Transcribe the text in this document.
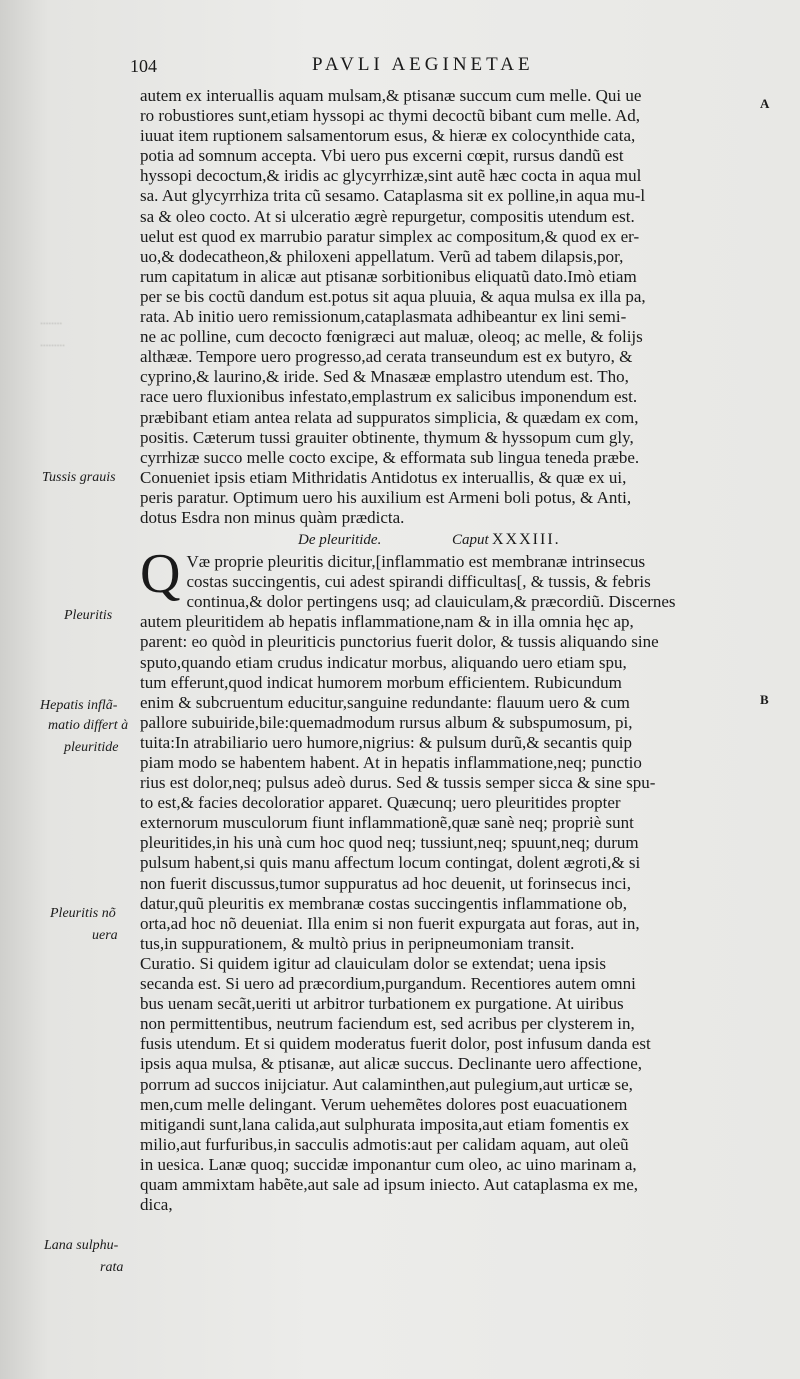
104	PAVLI AEGINETAE
A
B
········
·········
Tussis grauis
Pleuritis
Hepatis inflã-
matio differt à
pleuritide
Pleuritis nõ
uera
Lana sulphu-
rata
autem ex interuallis aquam mulsam,& ptisanæ succum cum melle. Qui ue
ro robustiores sunt,etiam hyssopi ac thymi decoctũ bibant cum melle. Ad,
iuuat item ruptionem salsamentorum esus, & hieræ ex colocynthide cata,
potia ad somnum accepta. Vbi uero pus excerni cœpit, rursus dandũ est
hyssopi decoctum,& iridis ac glycyrrhizæ,sint autẽ hæc cocta in aqua mul
sa. Aut glycyrrhiza trita cũ sesamo. Cataplasma sit ex polline,in aqua mu-l
sa & oleo cocto. At si ulceratio ægrè repurgetur, compositis utendum est.
uelut est quod ex marrubio paratur simplex ac compositum,& quod ex er-
uo,& dodecatheon,& philoxeni appellatum. Verũ ad tabem dilapsis,por,
rum capitatum in alicæ aut ptisanæ sorbitionibus eliquatũ dato.Imò etiam
per se bis coctũ dandum est.potus sit aqua pluuia, & aqua mulsa ex illa pa,
rata. Ab initio uero remissionum,cataplasmata adhibeantur ex lini semi-
ne ac polline, cum decocto fœnigræci aut maluæ, oleoq; ac melle, & folijs
althææ. Tempore uero progresso,ad cerata transeundum est ex butyro, &
cyprino,& laurino,& iride. Sed & Mnasææ emplastro utendum est. Tho,
race uero fluxionibus infestato,emplastrum ex salicibus imponendum est.
præbibant etiam antea relata ad suppuratos simplicia, & quædam ex com,
positis. Cæterum tussi grauiter obtinente, thymum & hyssopum cum gly,
cyrrhizæ succo melle cocto excipe, & efformata sub lingua teneda præbe.
Conueniet ipsis etiam Mithridatis Antidotus ex interuallis, & quæ ex ui,
peris paratur. Optimum uero his auxilium est Armeni boli potus, & Anti,
dotus Esdra non minus quàm prædicta.
De pleuritide.	Caput XXXIII.
Q Væ proprie pleuritis dicitur,[inflammatio est membranæ intrinsecus
costas succingentis, cui adest spirandi difficultas[, & tussis, & febris
continua,& dolor pertingens usq; ad clauiculam,& præcordiũ. Discernes
autem pleuritidem ab hepatis inflammatione,nam & in illa omnia hęc ap,
parent: eo quòd in pleuriticis punctorius fuerit dolor, & tussis aliquando sine
sputo,quando etiam crudus indicatur morbus, aliquando uero etiam spu,
tum efferunt,quod indicat humorem morbum efficientem. Rubicundum
enim & subcruentum educitur,sanguine redundante: flauum uero & cum
pallore subuiride,bile:quemadmodum rursus album & subspumosum, pi,
tuita:In atrabiliario uero humore,nigrius: & pulsum durũ,& secantis quip
piam modo se habentem habent. At in hepatis inflammatione,neq; punctio
rius est dolor,neq; pulsus adeò durus. Sed & tussis semper sicca & sine spu-
to est,& facies decoloratior apparet. Quæcunq; uero pleuritides propter
externorum musculorum fiunt inflammationẽ,quæ sanè neq; propriè sunt
pleuritides,in his unà cum hoc quod neq; tussiunt,neq; spuunt,neq; durum
pulsum habent,si quis manu affectum locum contingat, dolent ægroti,& si
non fuerit discussus,tumor suppuratus ad hoc deuenit, ut forinsecus inci,
datur,quũ pleuritis ex membranæ costas succingentis inflammatione ob,
orta,ad hoc nõ deueniat. Illa enim si non fuerit expurgata aut foras, aut in,
tus,in suppurationem, & multò prius in peripneumoniam transit.
Curatio. Si quidem igitur ad clauiculam dolor se extendat; uena ipsis
secanda est. Si uero ad præcordium,purgandum. Recentiores autem omni
bus uenam secãt,ueriti ut arbitror turbationem ex purgatione. At uiribus
non permittentibus, neutrum faciendum est, sed acribus per clysterem in,
fusis utendum. Et si quidem moderatus fuerit dolor, post infusum danda est
ipsis aqua mulsa, & ptisanæ, aut alicæ succus. Declinante uero affectione,
porrum ad succos inijciatur. Aut calaminthen,aut pulegium,aut urticæ se,
men,cum melle delingant. Verum uehemẽtes dolores post euacuationem
mitigandi sunt,lana calida,aut sulphurata imposita,aut etiam fomentis ex
milio,aut furfuribus,in sacculis admotis:aut per calidam aquam, aut oleũ
in uesica. Lanæ quoq; succidæ imponantur cum oleo, ac uino marinam a,
quam ammixtam habẽte,aut sale ad ipsum iniecto. Aut cataplasma ex me,
dica,
